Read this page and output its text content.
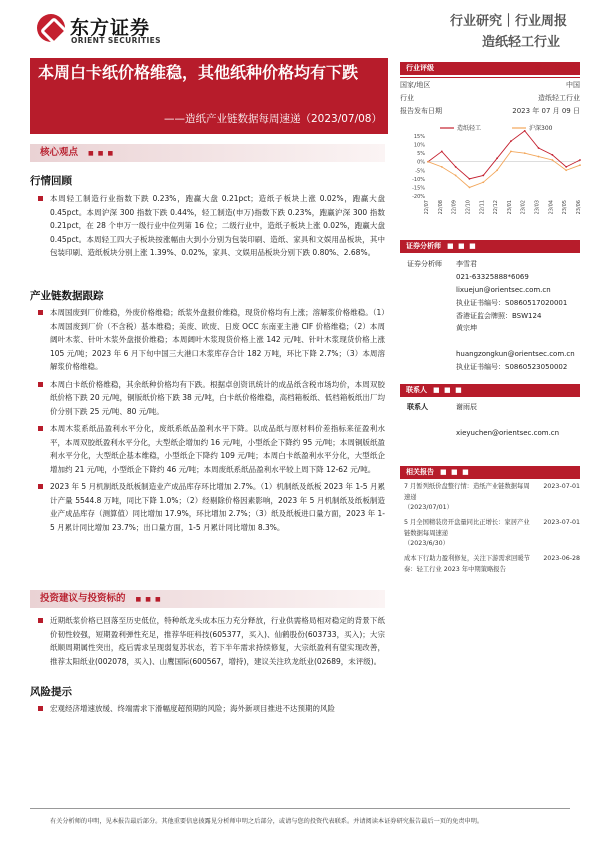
东方证券
ORIENT SECURITIES
行业研究｜行业周报
造纸轻工行业
本周白卡纸价格维稳，其他纸种价格均有下跌
——造纸产业链数据每周速递（2023/07/08）
行业评级	看好（维持）
国家/地区	中国
行业	造纸轻工行业
报告发布日期	2023 年 07 月 09 日
造纸轻工	沪深300
15%
10%
5%
0%
-5%
-10%
-15%
-20%
22/07 22/08 22/09 22/10 22/11 22/12 23/01 23/02 23/03 23/04 23/05 23/06
证券分析师 ■ ■ ■
证券分析师 李雪君
021-63325888*6069
lixuejun@orientsec.com.cn
执业证书编号：S0860517020001
香港证监会牌照：BSW124
黄宗坤
huangzongkun@orientsec.com.cn
执业证书编号：S0860523050002
联系人 ■ ■ ■
联系人	谢雨辰
xieyuchen@orientsec.com.cn
相关报告 ■ ■ ■
7 月暂列纸价盘整行情：造纸产业链数据每周速递
（2023/07/01）
2023-07-01
5 月全国精装房开盘量同比正增长：家居产业链数据每周速递
（2023/6/30）
2023-07-01
成本下行助力盈利修复，关注下游需求回暖节奏：轻工行业 2023 年中期策略报告
2023-06-28
核心观点 ■ ■ ■
行情回顾

本周轻工制造行业指数下跌 0.23%，跑赢大盘 0.21pct；造纸子板块上涨 0.02%，跑赢大盘 0.45pct。本周沪深 300 指数下跌 0.44%，轻工制造(申万)指数下跌 0.23%，跑赢沪深 300 指数 0.21pct，在 28 个申万一级行业中位列第 16 位；二级行业中，造纸子板块上涨 0.02%，跑赢大盘 0.45pct。本周轻工四大子板块按涨幅由大到小分别为包装印刷、造纸、家具和文娱用品板块，其中包装印刷、造纸板块分别上涨 1.39%、0.02%，家具、文娱用品板块分别下跌 0.80%、2.68%。

产业链数据跟踪

本周国废到厂价维稳，外废价格维稳；纸浆外盘报价维稳，现货价格均有上涨；溶解浆价格维稳。（1）本周国废到厂价（不含税）基本维稳；美废、欧废、日废 OCC 东南亚主港 CIF 价格维稳；（2）本周阔叶木浆、针叶木浆外盘报价维稳；本周阔叶木浆现货价格上涨 142 元/吨、针叶木浆现货价格上涨 105 元/吨；2023 年 6 月下旬中国三大港口木浆库存合计 182 万吨，环比下降 2.7%；（3）本周溶解浆价格维稳。

本周白卡纸价格维稳，其余纸种价格均有下跌。根据卓创资讯统计的成品纸含税市场均价，本周双胶纸价格下跌 20 元/吨，铜版纸价格下跌 38 元/吨，白卡纸价格维稳，高档箱板纸、低档箱板纸出厂均价分别下跌 25 元/吨、80 元/吨。

本周木浆系纸品盈利水平分化，废纸系纸品盈利水平下降。以成品纸与原材料价差指标来征盈利水平，本周双胶纸盈利水平分化，大型纸企增加约 16 元/吨，小型纸企下降约 95 元/吨；本周铜版纸盈利水平分化，大型纸企基本维稳，小型纸企下降约 109 元/吨；本周白卡纸盈利水平分化，大型纸企增加约 21 元/吨，小型纸企下降约 46 元/吨；本周废纸系纸品盈利水平较上周下降 12-62 元/吨。

2023 年 5 月机制纸及纸板制造业产成品库存环比增加 2.7%。（1）机制纸及纸板 2023 年 1-5 月累计产量 5544.8 万吨，同比下降 1.0%；（2）经剔除价格因素影响，2023 年 5 月机制纸及纸板制造业产成品库存（测算值）同比增加 17.9%，环比增加 2.7%；（3）纸及纸板进口量方面，2023 年 1-5 月累计同比增加 23.7%；出口量方面，1-5 月累计同比增加 8.3%。

投资建议与投资标的 ■ ■ ■

近期纸浆价格已回落至历史低位，特种纸龙头成本压力充分释放，行业供需格局相对稳定的背景下纸价韧性较强，短期盈利弹性充足，推荐华旺科技(605377，买入)、仙鹤股份(603733，买入)；大宗纸顺周期属性突出，疫后需求呈现弱复苏状态，若下半年需求持续修复，大宗纸盈利有望实现改善，推荐太阳纸业(002078，买入)、山鹰国际(600567，增持)，建议关注玖龙纸业(02689，未评级)。

风险提示

宏观经济增速放缓、终端需求下滑幅度超预期的风险；海外新项目推进不达预期的风险

有关分析师的申明，见本报告最后部分。其他重要信息披露见分析师申明之后部分，或请与您的投资代表联系。并请阅读本证券研究报告最后一页的免责申明。
